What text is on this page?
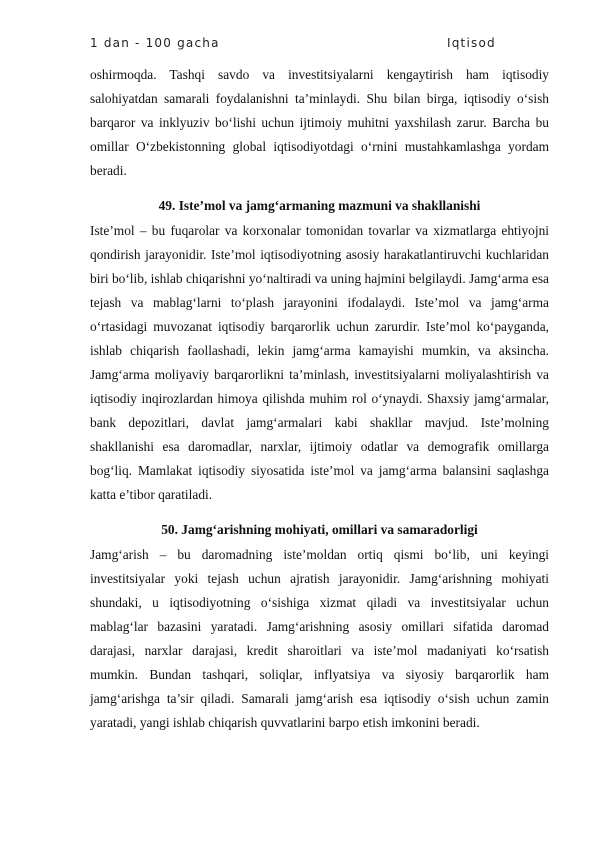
1 dan - 100 gacha	Iqtisod

oshirmoqda. Tashqi savdo va investitsiyalarni kengaytirish ham iqtisodiy salohiyatdan samarali foydalanishni ta’minlaydi. Shu bilan birga, iqtisodiy o‘sish barqaror va inklyuziv bo‘lishi uchun ijtimoiy muhitni yaxshilash zarur. Barcha bu omillar O‘zbekistonning global iqtisodiyotdagi o‘rnini mustahkamlashga yordam beradi.

49. Iste’mol va jamg‘armaning mazmuni va shakllanishi

Iste’mol – bu fuqarolar va korxonalar tomonidan tovarlar va xizmatlarga ehtiyojni qondirish jarayonidir. Iste’mol iqtisodiyotning asosiy harakatlantiruvchi kuchlaridan biri bo‘lib, ishlab chiqarishni yo‘naltiradi va uning hajmini belgilaydi. Jamg‘arma esa tejash va mablag‘larni to‘plash jarayonini ifodalaydi. Iste’mol va jamg‘arma o‘rtasidagi muvozanat iqtisodiy barqarorlik uchun zarurdir. Iste’mol ko‘payganda, ishlab chiqarish faollashadi, lekin jamg‘arma kamayishi mumkin, va aksincha. Jamg‘arma moliyaviy barqarorlikni ta’minlash, investitsiyalarni moliyalashtirish va iqtisodiy inqirozlardan himoya qilishda muhim rol o‘ynaydi. Shaxsiy jamg‘armalar, bank depozitlari, davlat jamg‘armalari kabi shakllar mavjud. Iste’molning shakllanishi esa daromadlar, narxlar, ijtimoiy odatlar va demografik omillarga bog‘liq. Mamlakat iqtisodiy siyosatida iste’mol va jamg‘arma balansini saqlashga katta e’tibor qaratiladi.

50. Jamg‘arishning mohiyati, omillari va samaradorligi

Jamg‘arish – bu daromadning iste’moldan ortiq qismi bo‘lib, uni keyingi investitsiyalar yoki tejash uchun ajratish jarayonidir. Jamg‘arishning mohiyati shundaki, u iqtisodiyotning o‘sishiga xizmat qiladi va investitsiyalar uchun mablag‘lar bazasini yaratadi. Jamg‘arishning asosiy omillari sifatida daromad darajasi, narxlar darajasi, kredit sharoitlari va iste’mol madaniyati ko‘rsatish mumkin. Bundan tashqari, soliqlar, inflyatsiya va siyosiy barqarorlik ham jamg‘arishga ta’sir qiladi. Samarali jamg‘arish esa iqtisodiy o‘sish uchun zamin yaratadi, yangi ishlab chiqarish quvvatlarini barpo etish imkonini beradi.
